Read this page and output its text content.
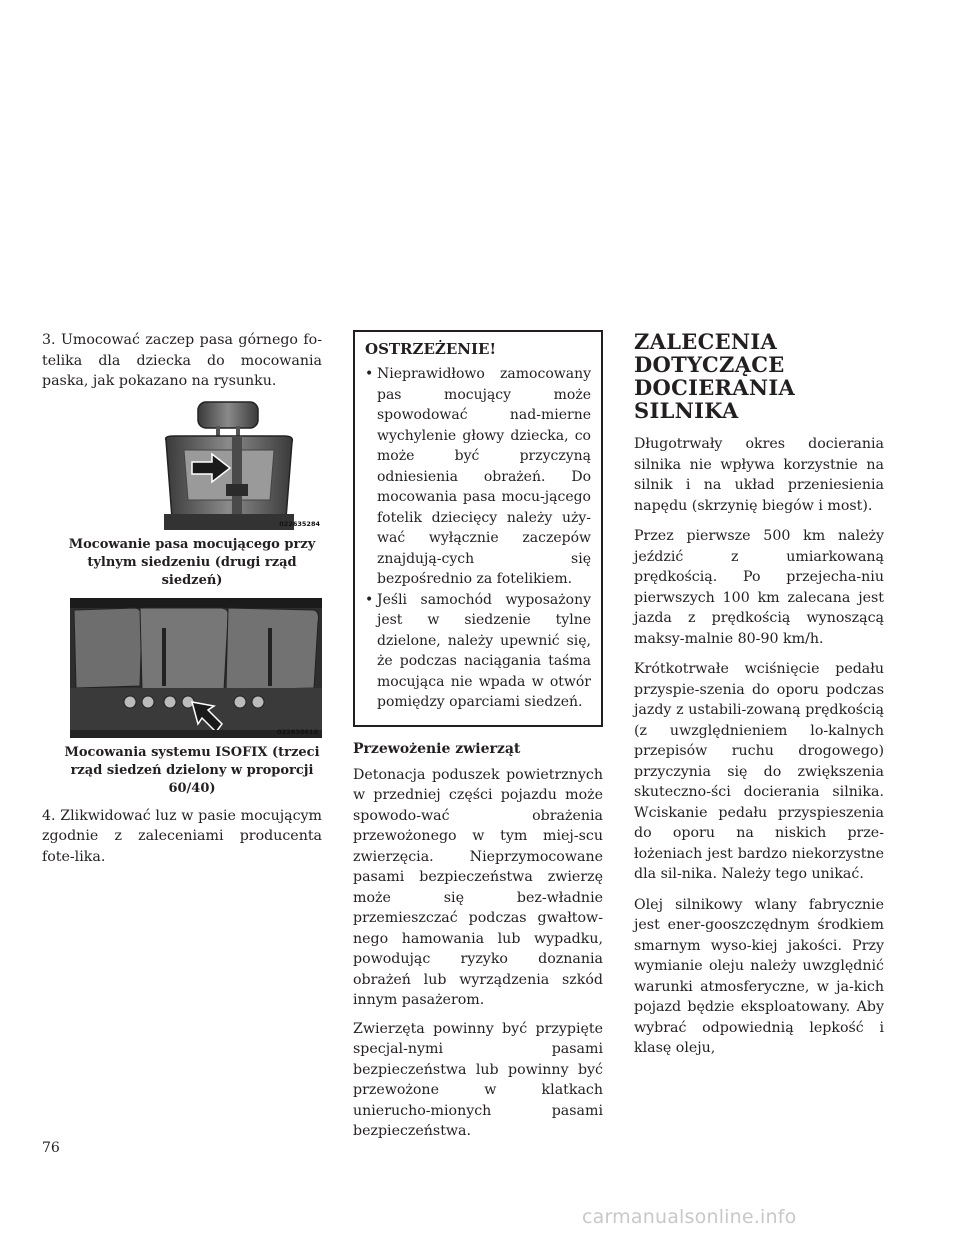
3. Umocować zaczep pasa górnego fo-telika dla dziecka do mocowania paska, jak pokazano na rysunku.

022635284

Mocowanie pasa mocującego przy tylnym siedzeniu (drugi rząd siedzeń)

022638610

Mocowania systemu ISOFIX (trzeci rząd siedzeń dzielony w proporcji 60/40)

4. Zlikwidować luz w pasie mocującym zgodnie z zaleceniami producenta fote-lika.

OSTRZEŻENIE!
• Nieprawidłowo zamocowany pas mocujący może spowodować nad-mierne wychylenie głowy dziecka, co może być przyczyną odniesienia obrażeń. Do mocowania pasa mocu-jącego fotelik dziecięcy należy uży-wać wyłącznie zaczepów znajdują-cych się bezpośrednio za fotelikiem.
• Jeśli samochód wyposażony jest w siedzenie tylne dzielone, należy upewnić się, że podczas naciągania taśma mocująca nie wpada w otwór pomiędzy oparciami siedzeń.
Przewożenie zwierząt

Detonacja poduszek powietrznych w przedniej części pojazdu może spowodo-wać obrażenia przewożonego w tym miej-scu zwierzęcia. Nieprzymocowane pasami bezpieczeństwa zwierzę może się bez-władnie przemieszczać podczas gwałtow-nego hamowania lub wypadku, powodując ryzyko doznania obrażeń lub wyrządzenia szkód innym pasażerom.

Zwierzęta powinny być przypięte specjal-nymi pasami bezpieczeństwa lub powinny być przewożone w klatkach unierucho-mionych pasami bezpieczeństwa.

ZALECENIA
DOTYCZĄCE
DOCIERANIA SILNIKA

Długotrwały okres docierania silnika nie wpływa korzystnie na silnik i na układ przeniesienia napędu (skrzynię biegów i most).

Przez pierwsze 500 km należy jeździć z umiarkowaną prędkością. Po przejecha-niu pierwszych 100 km zalecana jest jazda z prędkością wynoszącą maksy-malnie 80-90 km/h.

Krótkotrwałe wciśnięcie pedału przyspie-szenia do oporu podczas jazdy z ustabili-zowaną prędkością (z uwzględnieniem lo-kalnych przepisów ruchu drogowego) przyczynia się do zwiększenia skuteczno-ści docierania silnika. Wciskanie pedału przyspieszenia do oporu na niskich prze-łożeniach jest bardzo niekorzystne dla sil-nika. Należy tego unikać.

Olej silnikowy wlany fabrycznie jest ener-gooszczędnym środkiem smarnym wyso-kiej jakości. Przy wymianie oleju należy uwzględnić warunki atmosferyczne, w ja-kich pojazd będzie eksploatowany. Aby wybrać odpowiednią lepkość i klasę oleju,

76
carmanualsonline.info
